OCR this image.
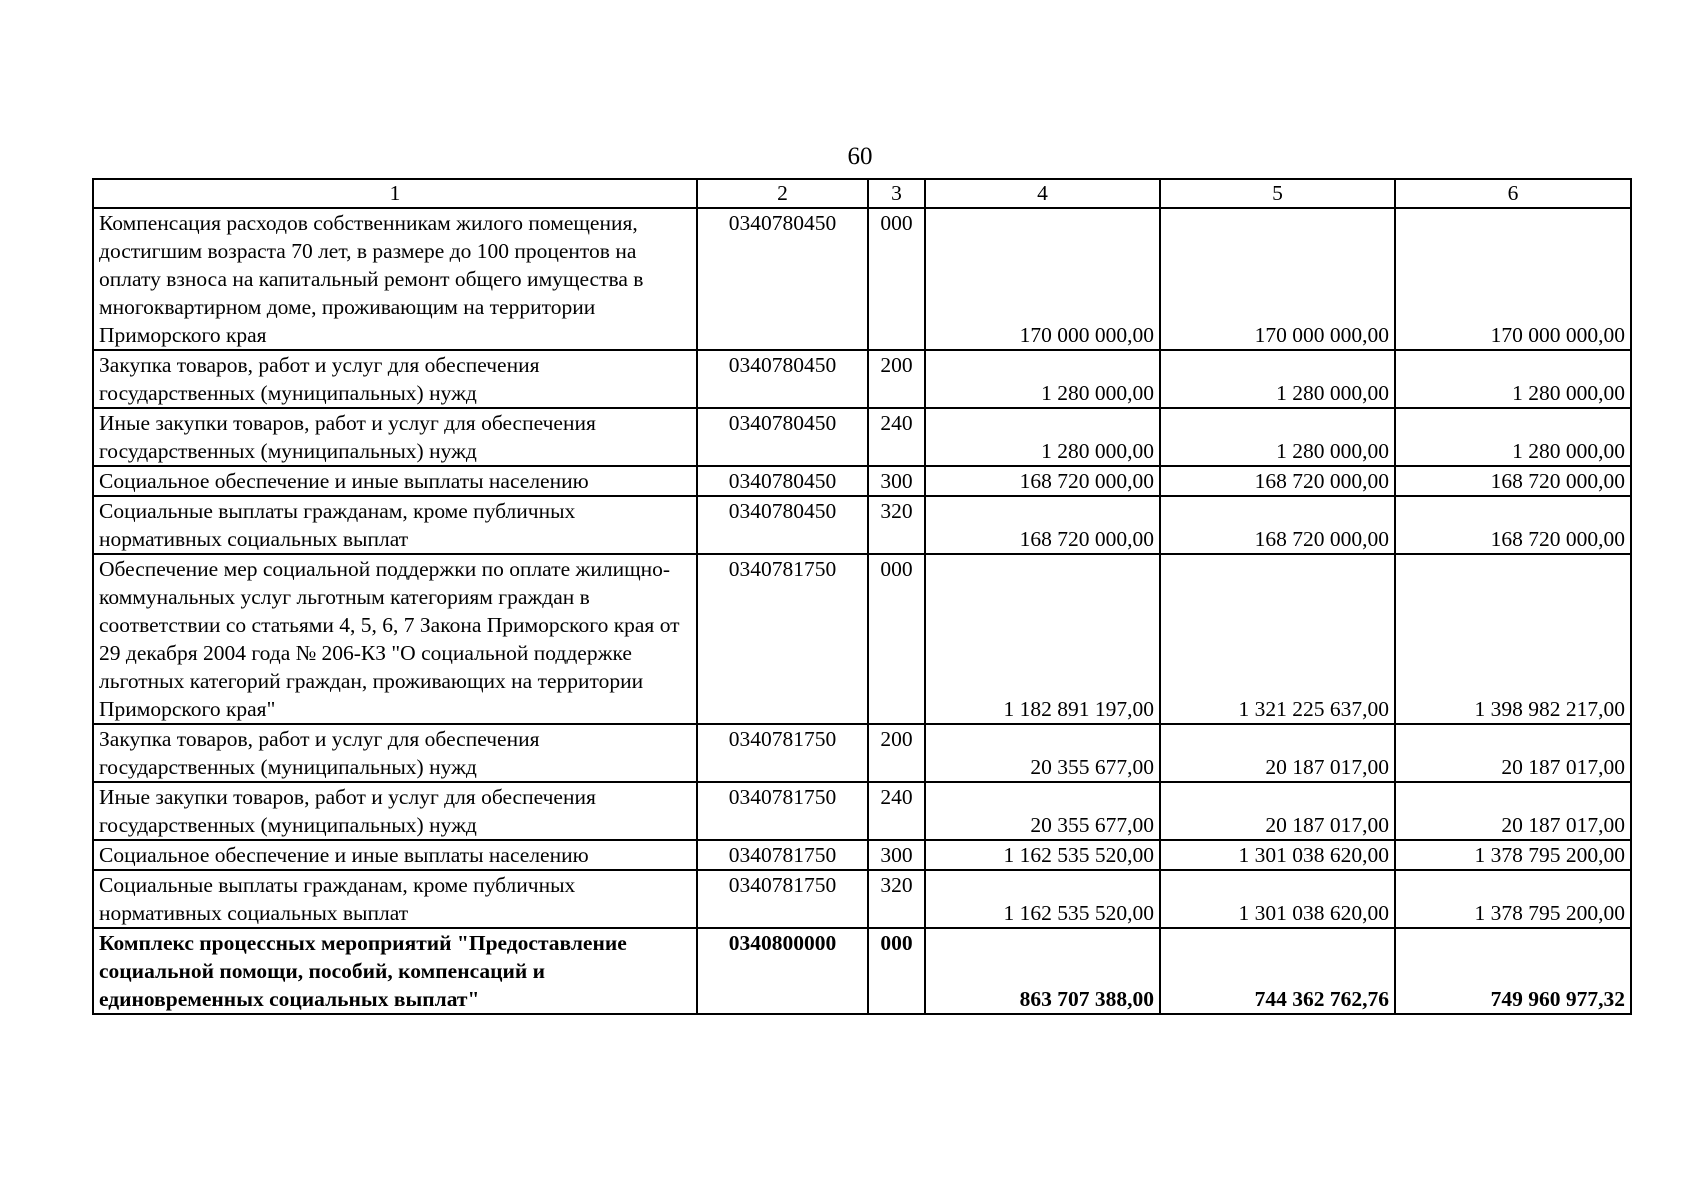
60
1	2	3	4	5	6
Компенсация расходов собственникам жилого помещения, достигшим возраста 70 лет, в размере до 100 процентов на оплату взноса на капитальный ремонт общего имущества в многоквартирном доме, проживающим на территории Приморского края	0340780450	000	170 000 000,00	170 000 000,00	170 000 000,00
Закупка товаров, работ и услуг для обеспечения государственных (муниципальных) нужд	0340780450	200	1 280 000,00	1 280 000,00	1 280 000,00
Иные закупки товаров, работ и услуг для обеспечения государственных (муниципальных) нужд	0340780450	240	1 280 000,00	1 280 000,00	1 280 000,00
Социальное обеспечение и иные выплаты населению	0340780450	300	168 720 000,00	168 720 000,00	168 720 000,00
Социальные выплаты гражданам, кроме публичных нормативных социальных выплат	0340780450	320	168 720 000,00	168 720 000,00	168 720 000,00
Обеспечение мер социальной поддержки по оплате жилищно-коммунальных услуг льготным категориям граждан в соответствии со статьями 4, 5, 6, 7 Закона Приморского края от 29 декабря 2004 года № 206-КЗ "О социальной поддержке льготных категорий граждан, проживающих на территории Приморского края"	0340781750	000	1 182 891 197,00	1 321 225 637,00	1 398 982 217,00
Закупка товаров, работ и услуг для обеспечения государственных (муниципальных) нужд	0340781750	200	20 355 677,00	20 187 017,00	20 187 017,00
Иные закупки товаров, работ и услуг для обеспечения государственных (муниципальных) нужд	0340781750	240	20 355 677,00	20 187 017,00	20 187 017,00
Социальное обеспечение и иные выплаты населению	0340781750	300	1 162 535 520,00	1 301 038 620,00	1 378 795 200,00
Социальные выплаты гражданам, кроме публичных нормативных социальных выплат	0340781750	320	1 162 535 520,00	1 301 038 620,00	1 378 795 200,00
Комплекс процессных мероприятий "Предоставление социальной помощи, пособий, компенсаций и единовременных социальных выплат"	0340800000	000	863 707 388,00	744 362 762,76	749 960 977,32
